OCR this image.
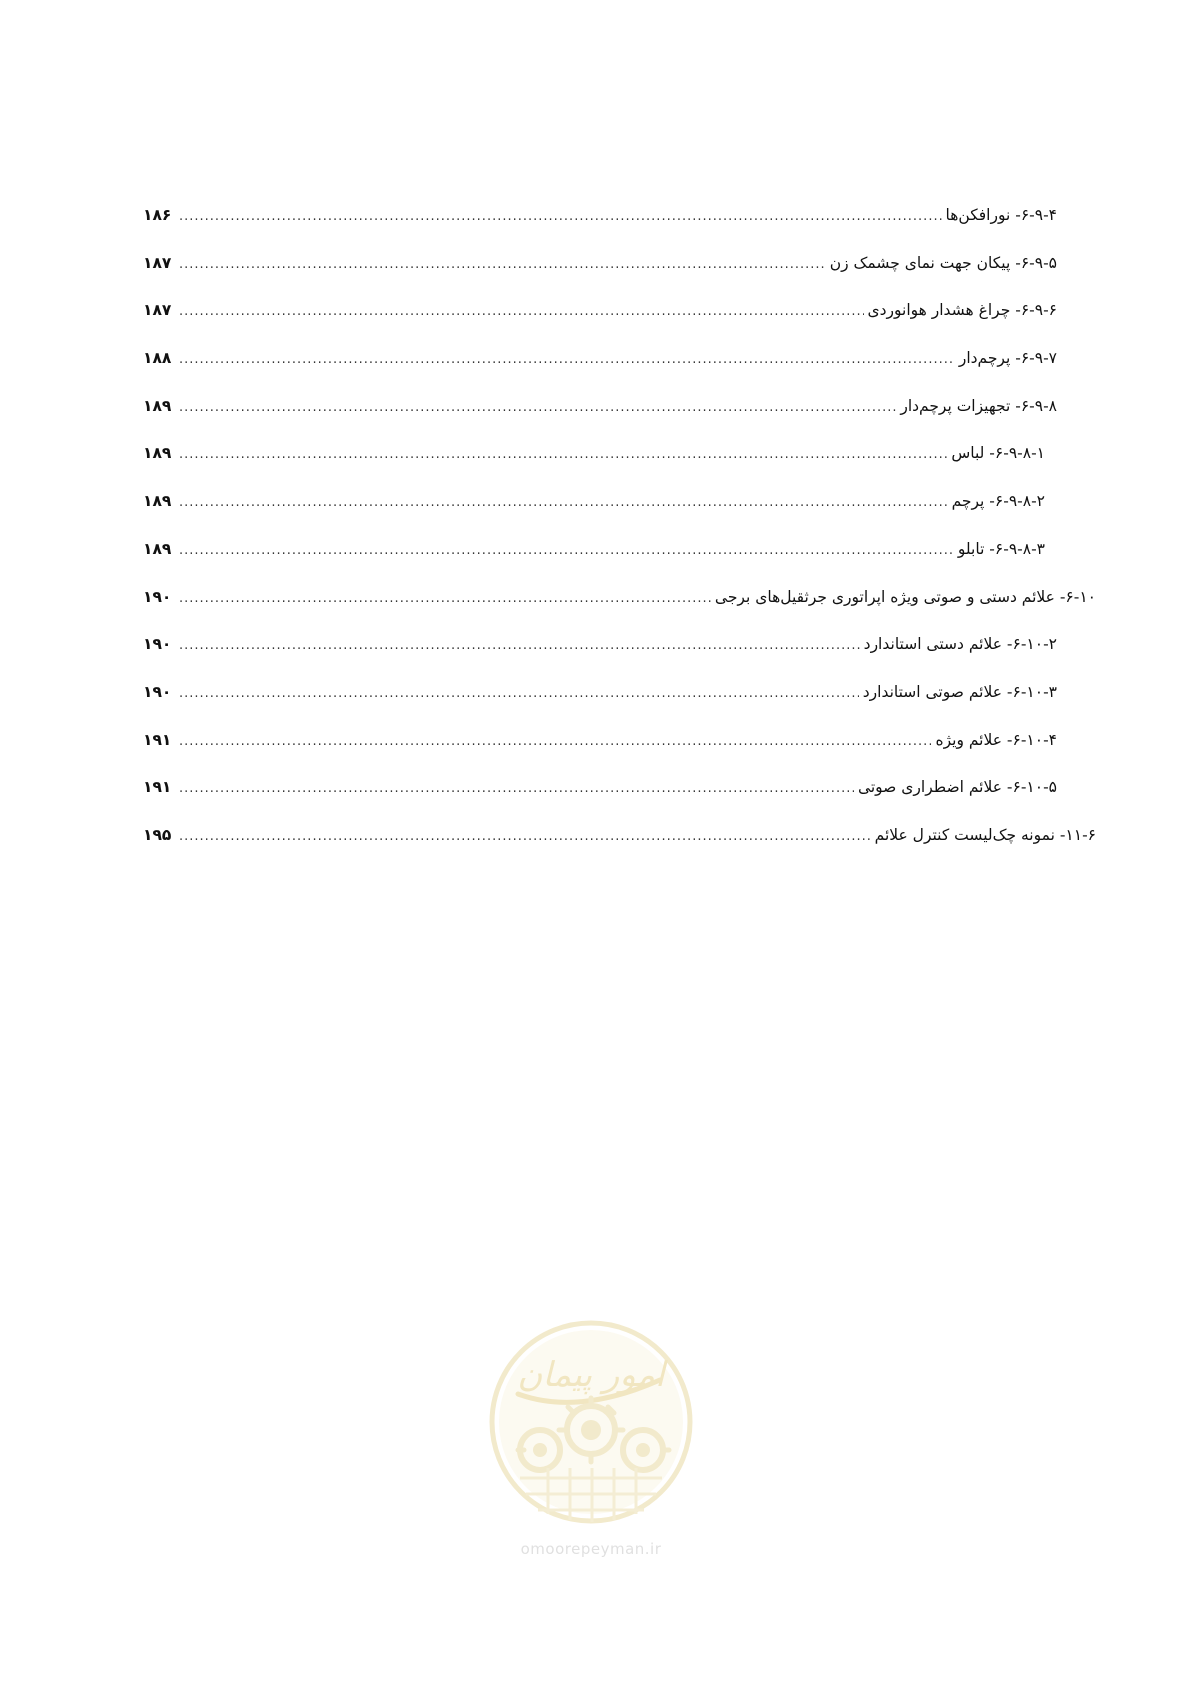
۶-۹-۴- نورافکن‌ها
.....
۱۸۶
۶-۹-۵- پیکان جهت نمای چشمک زن
.....
۱۸۷
۶-۹-۶- چراغ هشدار هوانوردی
.....
۱۸۷
۶-۹-۷- پرچم‌دار
.....
۱۸۸
۶-۹-۸- تجهیزات پرچم‌دار
.....
۱۸۹
۶-۹-۸-۱- لباس
.....
۱۸۹
۶-۹-۸-۲- پرچم
.....
۱۸۹
۶-۹-۸-۳- تابلو
.....
۱۸۹
۶-۱۰- علائم دستی و صوتی ویژه اپراتوری جرثقیل‌های برجی
.....
۱۹۰
۶-۱۰-۲- علائم دستی استاندارد
.....
۱۹۰
۶-۱۰-۳- علائم صوتی استاندارد
.....
۱۹۰
۶-۱۰-۴- علائم ویژه
.....
۱۹۱
۶-۱۰-۵- علائم اضطراری صوتی
.....
۱۹۱
۱۱-۶- نمونه چک‌لیست کنترل علائم
.....
۱۹۵
امور پیمان
omoorepeyman.ir
